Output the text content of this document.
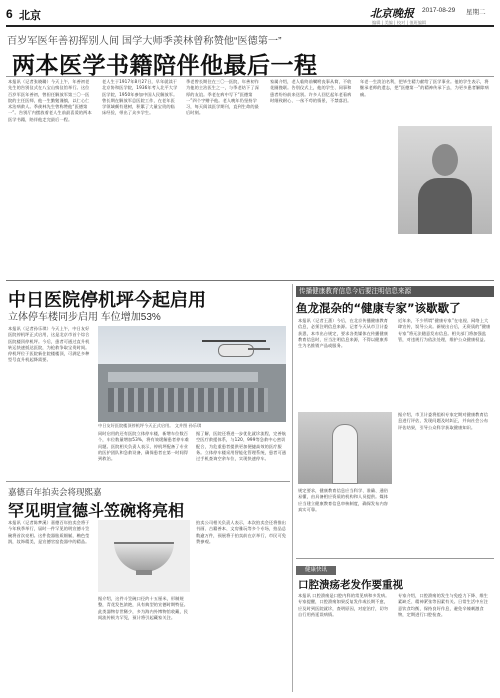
6 北京	北京晚报 2017-08-29 星期二
编辑 | 美编 | 校对 | 值班编辑
百岁军医年善初挥别人间 国学大师季羡林曾称赞他“医德第一”
两本医学书籍陪伴他最后一程
本报讯（记者张晓璐）今天上午，年善初老先生的告别仪式在八宝山殡仪馆举行。这位百岁军医年善初，曾担任解放军第三〇一医院的主任医师，他一生勤勉谨慎，以仁心仁术治病救人。季羡林先生曾称赞他“医德第一”。告别厅内摆放着老人生前最喜爱的两本医学书籍，陪伴他走完最后一程。
老人生于1917年8月27日，早年就读于北京协和医学院，1936年考入北平大学医学院，1950年参加中国人民解放军。曾长期在解放军总医院工作，在老年医学领域颇有建树，积累了大量宝贵的临床经验，带出了众多学生。
季老曾长期住在三〇一医院，年善初作为他的主治医生之一，与季老结下了深厚的友谊。季老在病中写下“医德第一”四个字赠予他。老人晚年仍坚持学习，每天阅读医学期刊，直到生命的最后时刻。
家属介绍，老人临终前嘱咐丧事从简，不收花圈挽联。告别仪式上，他的学生、同事和患者纷纷前来送别。许多人回忆起年老看病时细致耐心、一丝不苟的情景，不禁落泪。
年老一生淡泊名利，把毕生精力献给了医学事业。他的学生表示，将继承老师的遗志，把“医德第一”的精神传承下去，为更多患者解除病痛。
中日医院停机坪今起启用
立体停车楼同步启用 车位增加53%
本报讯（记者孙乐琪）今天上午，中日友好医院停机坪正式启用，这是北京市首个综合医院楼顶停机坪。今后，患者可通过直升机转运快速抵达医院，为抢救争取宝贵时间。停机坪位于医院新住院楼楼顶，可满足多种型号直升机起降需要。
中日友好医院楼顶停机坪今天正式启用。 文并图 孙乐琪
同时启用的还有医院立体停车楼，新增车位数百个，车位数量增加53%，将有效缓解患者停车难问题。医院相关负责人表示，停机坪配备了专业的医护团队和急救设备，确保患者在第一时间得到救治。
据了解，医院还将进一步优化就诊流程，完善航空医疗救援体系，与120、999等急救中心密切配合，为危重患者提供更加便捷高效的医疗服务。立体停车楼采用智能化管理系统，患者可通过手机查询空余车位，实现快速停车。
嘉德百年拍卖会将现熙嘉
罕见明宣德斗笠碗将亮相
本报讯（记者陈梦溪）嘉德百年拍卖会将于今年秋季举行，届时一件罕见的明宣德斗笠碗将首次亮相。这件瓷器胎质细腻，釉色莹润，纹饰精美，是宣德官窑瓷器中的精品。
据介绍，这件斗笠碗口径约十五厘米，形制规整，青花发色浓艳，具有典型的宣德时期特征。此类器物存世稀少，多为海内外博物馆收藏，民间流传极为罕见，预计将引起藏家关注。
拍卖公司相关负责人表示，本次拍卖会还将推出书画、古籍善本、文房雅玩等多个专场，拍品总数逾万件，预展将于拍卖前在京举行，市民可免费参观。
传播健康教育信息今后要注明信息来源
鱼龙混杂的“健康专家”该歇歇了
本报讯（记者王蔷）今后，在北京传播健康教育信息，必须注明信息来源。记者今天从市卫计委获悉，本市出台规定，要求各类媒体在传播健康教育信息时，应当注明信息来源，不得以健康养生为名推销产品或服务。
近年来，不少所谓“健康专家”在电视、网络上大肆宣传，误导公众。新规出台后，无资质的“健康专家”将无法随意发布信息。相关部门将加强监管，对违规行为依法处理，维护公众健康权益。
规定要求，健康教育信息应当科学、准确、通俗易懂，由具备相应资质的机构和人员提供。媒体应当建立健康教育信息审核制度，确保发布内容真实可靠。
据介绍，市卫计委将组织专家定期对健康教育信息进行评估，发现问题及时纠正，并向社会公布评估结果，引导公众科学获取健康知识。
健康快讯
口腔溃疡老发作要重视
本报讯 口腔溃疡是口腔内科的常见病和多发病。专家提醒，口腔溃疡如果反复发作或长期不愈，应及时到医院就诊，查明原因，对症治疗，切勿自行用药延误病情。
专家介绍，口腔溃疡的发生与免疫力下降、维生素缺乏、精神紧张等因素有关。日常生活中应注意饮食均衡，保持良好作息，避免辛辣刺激食物，定期进行口腔检查。
